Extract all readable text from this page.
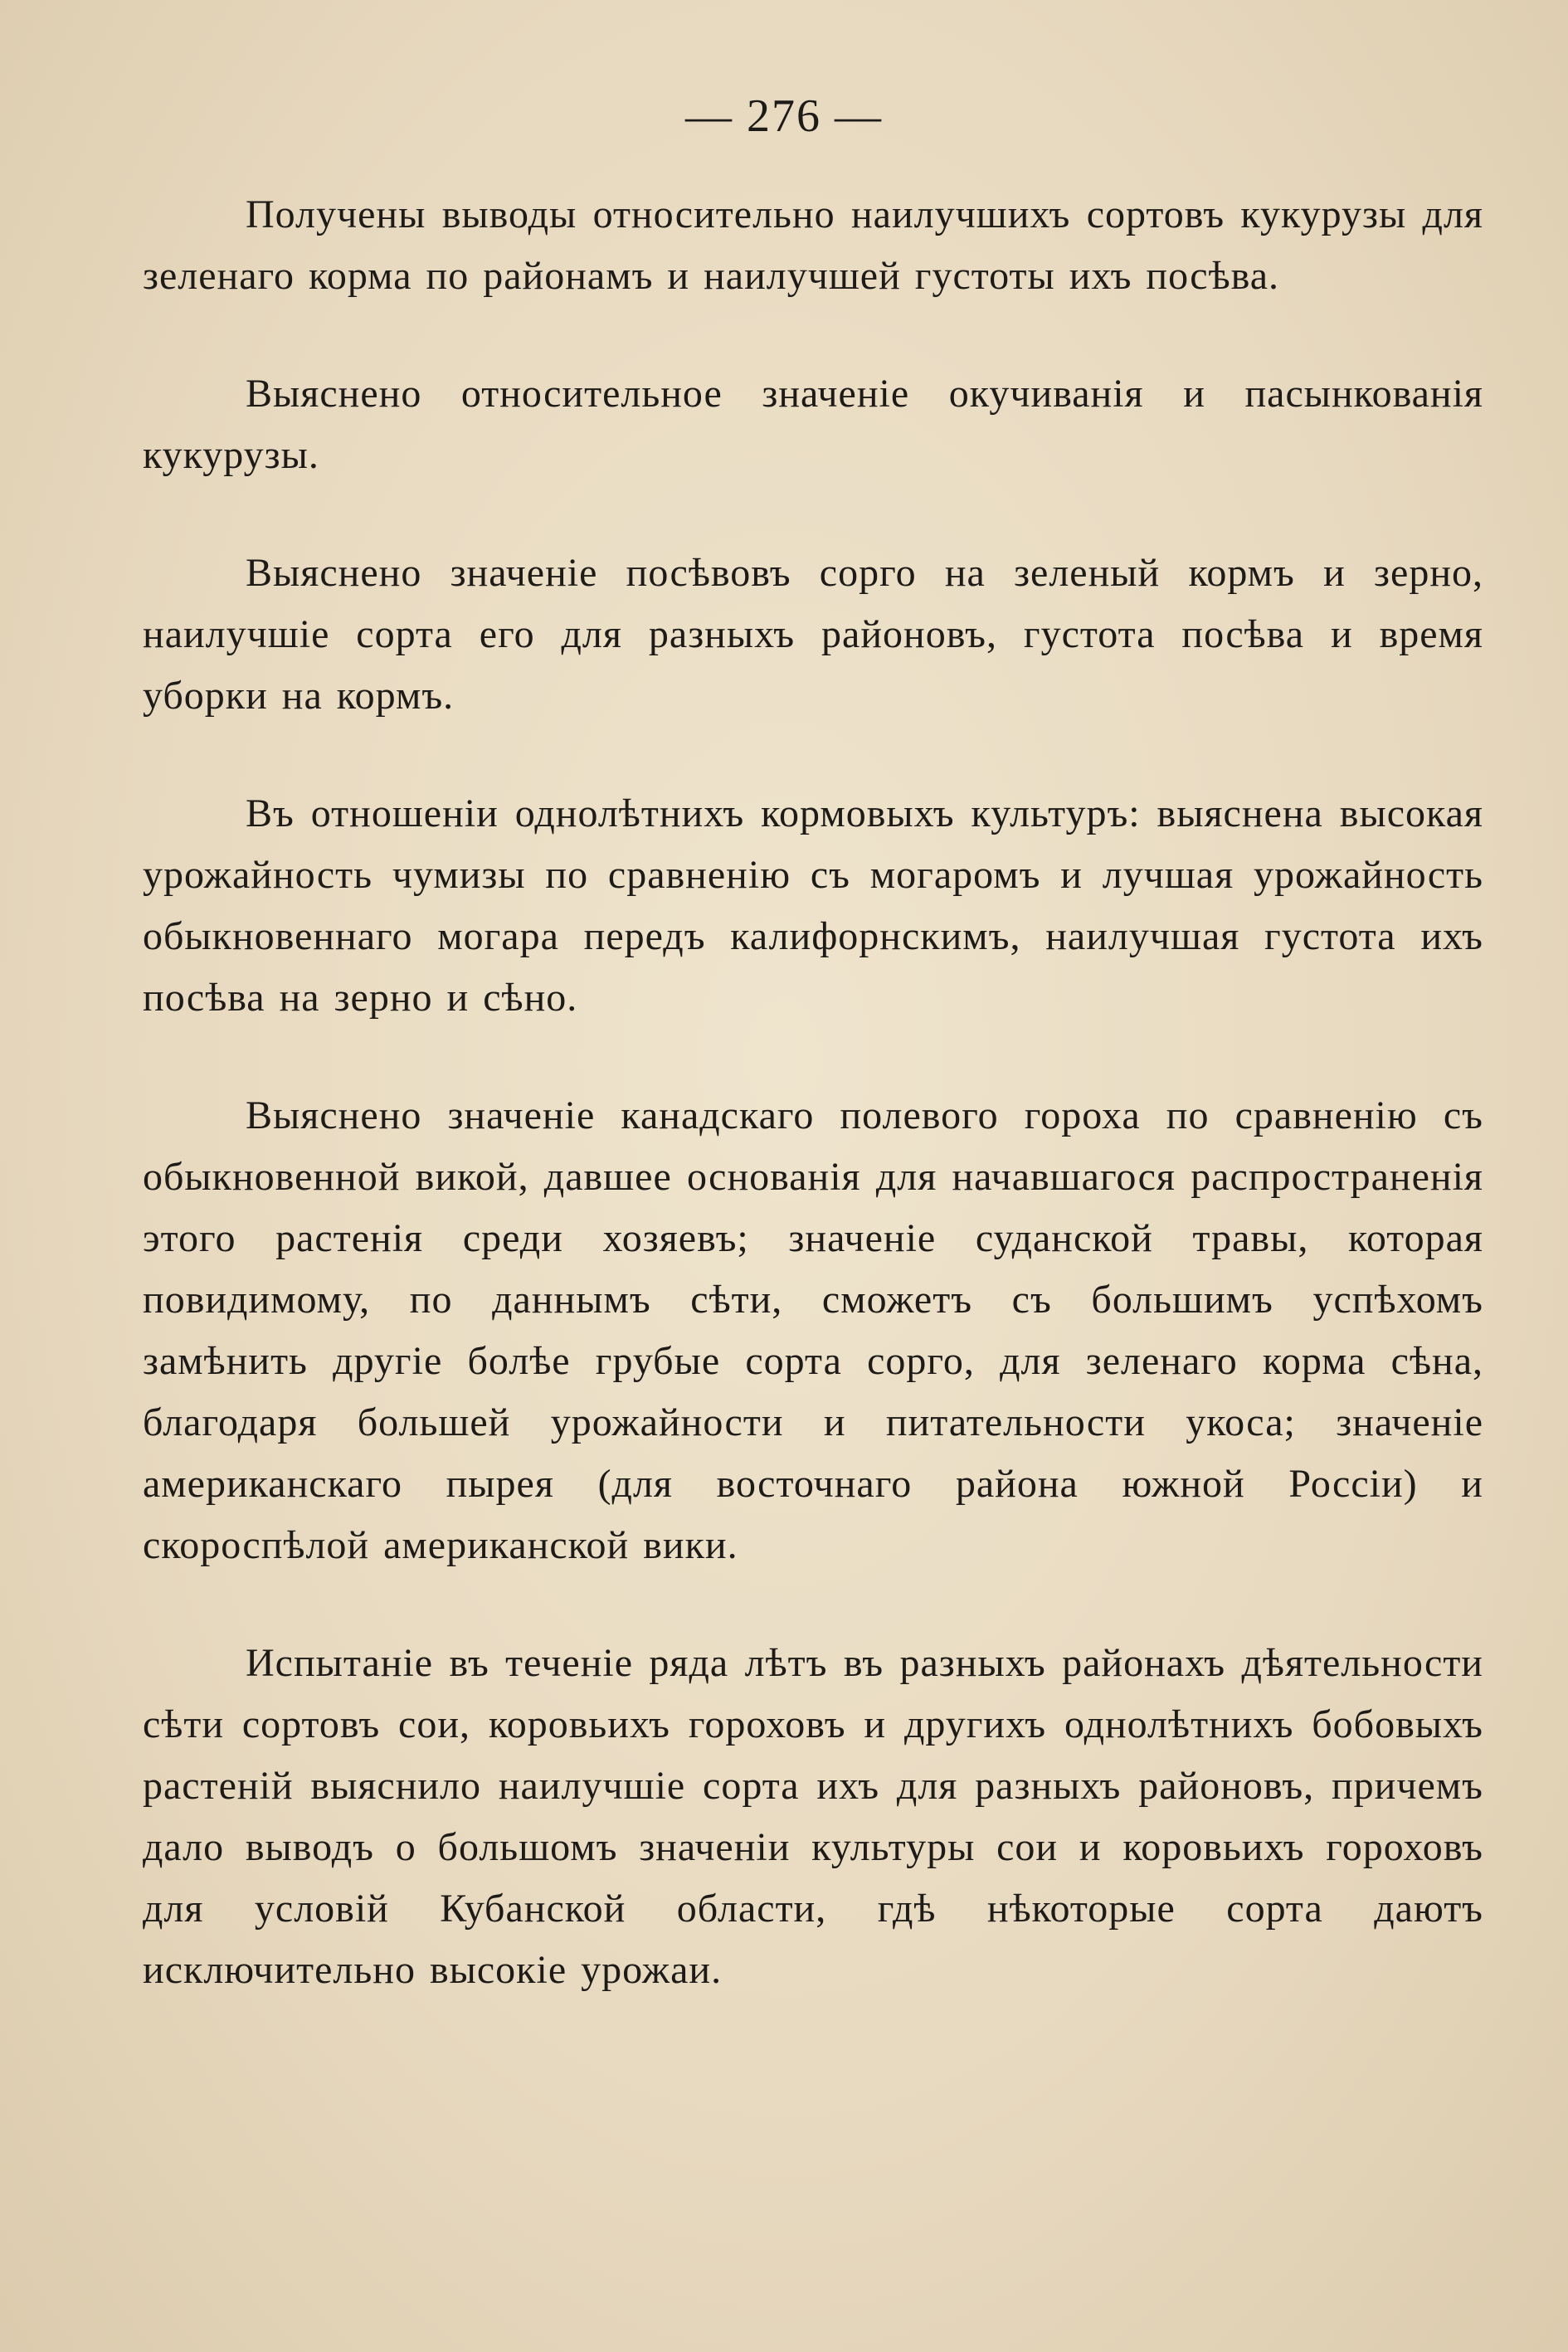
— 276 —

Получены выводы относительно наилучшихъ сортовъ кукурузы для зеленаго корма по районамъ и наилучшей густоты ихъ посѣва.

Выяснено относительное значенiе окучиванiя и пасынкованiя кукурузы.

Выяснено значенiе посѣвовъ сорго на зеленый кормъ и зерно, наилучшiе сорта его для разныхъ районовъ, густота посѣва и время уборки на кормъ.

Въ отношенiи однолѣтнихъ кормовыхъ культуръ: выяснена высокая урожайность чумизы по сравненiю съ могаромъ и лучшая урожайность обыкновеннаго могара передъ калифорнскимъ, наилучшая густота ихъ посѣва на зерно и сѣно.

Выяснено значенiе канадскаго полевого гороха по сравненiю съ обыкновенной викой, давшее основанiя для начавшагося распространенiя этого растенiя среди хозяевъ; значенiе суданской травы, которая повидимому, по даннымъ сѣти, сможетъ съ большимъ успѣхомъ замѣнить другiе болѣе грубые сорта сорго, для зеленаго корма сѣна, благодаря большей урожайности и питательности укоса; значенiе американскаго пырея (для восточнаго района южной Россiи) и скороспѣлой американской вики.

Испытанiе въ теченiе ряда лѣтъ въ разныхъ районахъ дѣятельности сѣти сортовъ сои, коровьихъ гороховъ и другихъ однолѣтнихъ бобовыхъ растенiй выяснило наилучшiе сорта ихъ для разныхъ районовъ, причемъ дало выводъ о большомъ значенiи культуры сои и коровьихъ гороховъ для условiй Кубанской области, гдѣ нѣкоторые сорта даютъ исключительно высокiе урожаи.
